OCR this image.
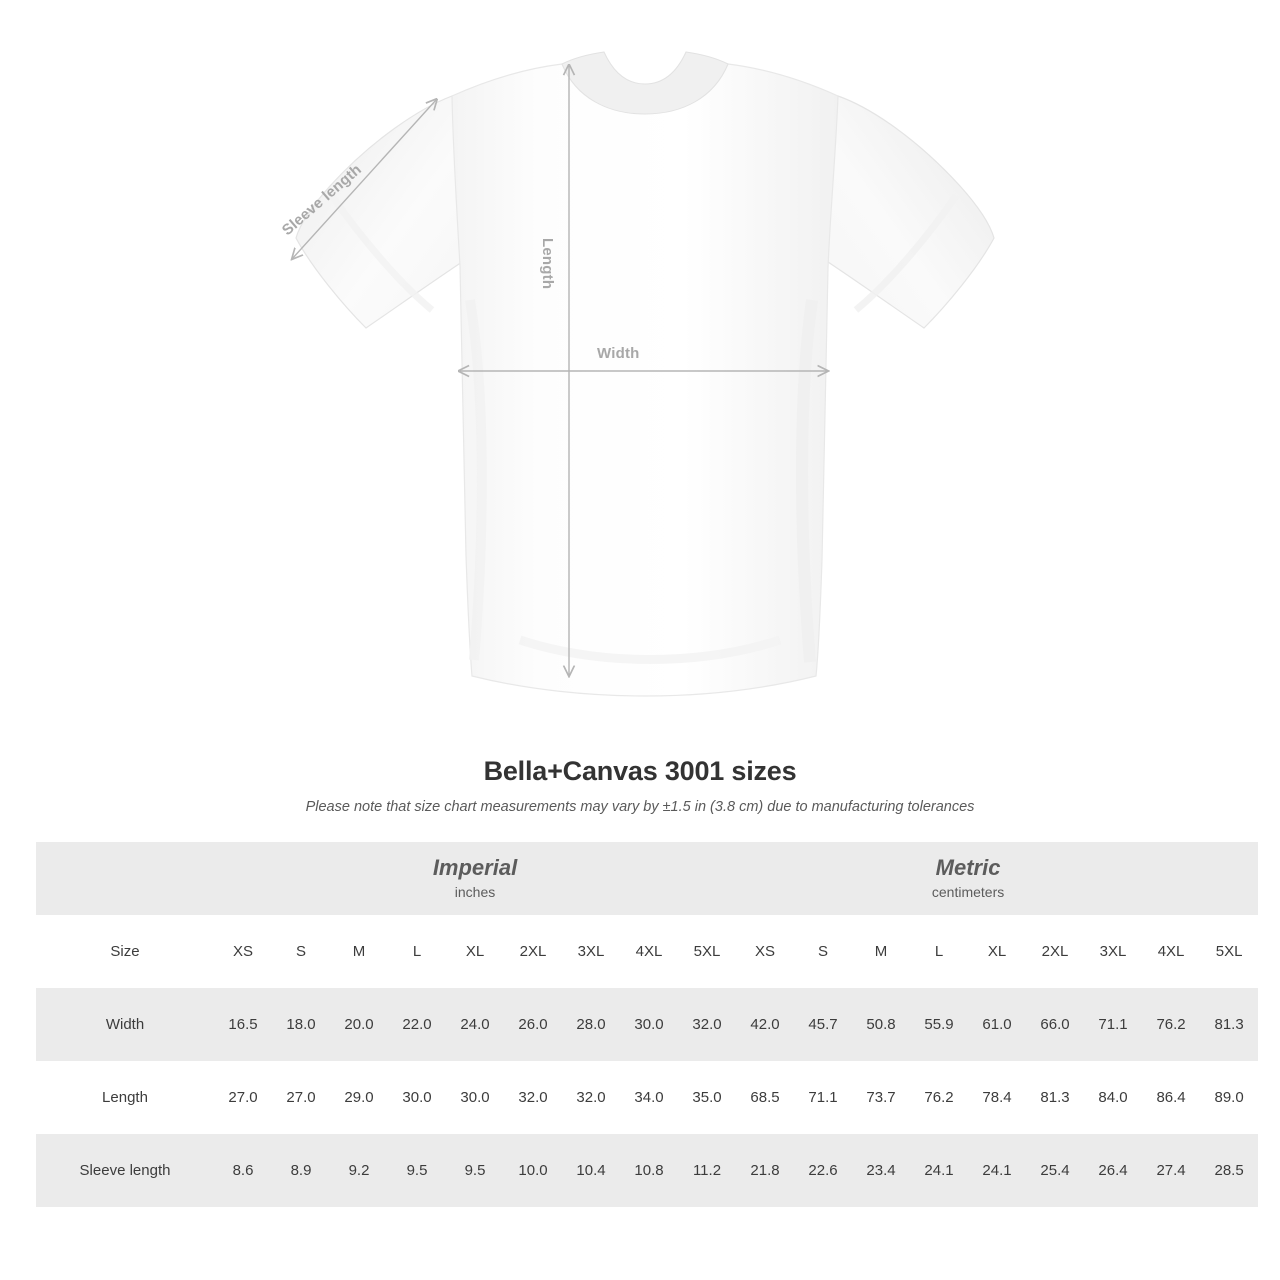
Width
Length
Sleeve length
Bella+Canvas 3001 sizes

Please note that size chart measurements may vary by ±1.5 in (3.8 cm) due to manufacturing tolerances

Imperial
inches

Metric
centimeters

Size	XS	S	M	L	XL	2XL	3XL	4XL	5XL	XS	S	M	L	XL	2XL	3XL	4XL	5XL
Width	16.5	18.0	20.0	22.0	24.0	26.0	28.0	30.0	32.0	42.0	45.7	50.8	55.9	61.0	66.0	71.1	76.2	81.3
Length	27.0	27.0	29.0	30.0	30.0	32.0	32.0	34.0	35.0	68.5	71.1	73.7	76.2	78.4	81.3	84.0	86.4	89.0
Sleeve length	8.6	8.9	9.2	9.5	9.5	10.0	10.4	10.8	11.2	21.8	22.6	23.4	24.1	24.1	25.4	26.4	27.4	28.5
